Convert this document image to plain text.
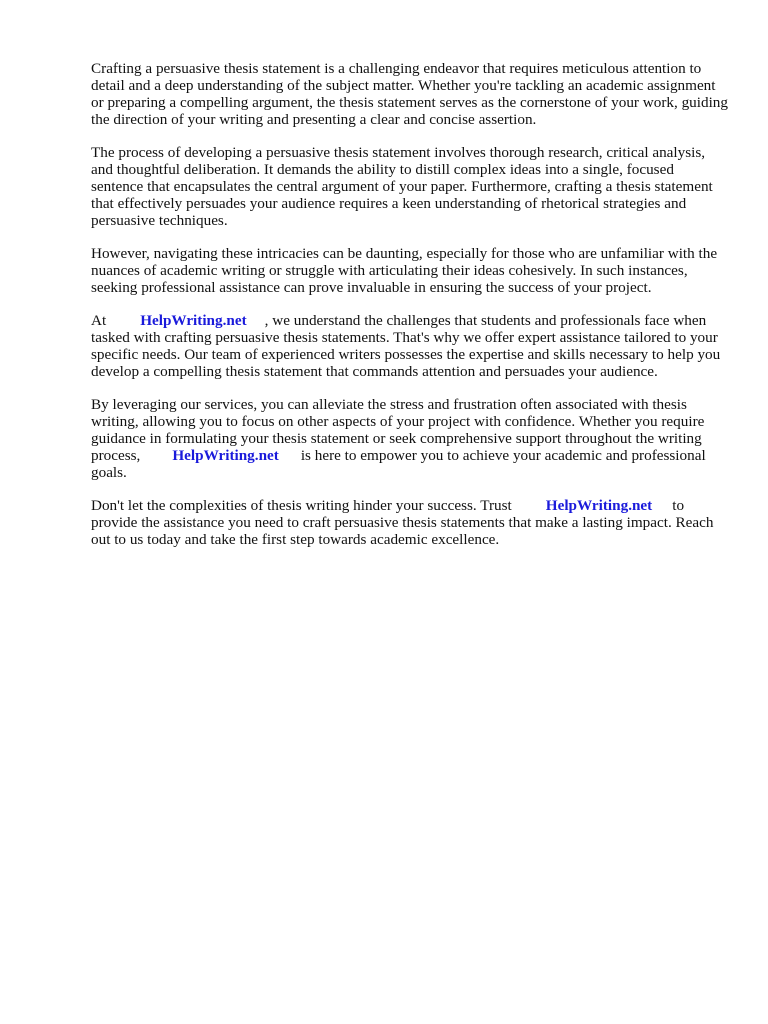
Crafting a persuasive thesis statement is a challenging endeavor that requires meticulous attention to detail and a deep understanding of the subject matter. Whether you're tackling an academic assignment or preparing a compelling argument, the thesis statement serves as the cornerstone of your work, guiding the direction of your writing and presenting a clear and concise assertion.

The process of developing a persuasive thesis statement involves thorough research, critical analysis, and thoughtful deliberation. It demands the ability to distill complex ideas into a single, focused sentence that encapsulates the central argument of your paper. Furthermore, crafting a thesis statement that effectively persuades your audience requires a keen understanding of rhetorical strategies and persuasive techniques.

However, navigating these intricacies can be daunting, especially for those who are unfamiliar with the nuances of academic writing or struggle with articulating their ideas cohesively. In such instances, seeking professional assistance can prove invaluable in ensuring the success of your project.

At HelpWriting.net , we understand the challenges that students and professionals face when tasked with crafting persuasive thesis statements. That's why we offer expert assistance tailored to your specific needs. Our team of experienced writers possesses the expertise and skills necessary to help you develop a compelling thesis statement that commands attention and persuades your audience.

By leveraging our services, you can alleviate the stress and frustration often associated with thesis writing, allowing you to focus on other aspects of your project with confidence. Whether you require guidance in formulating your thesis statement or seek comprehensive support throughout the writing process, HelpWriting.net is here to empower you to achieve your academic and professional goals.

Don't let the complexities of thesis writing hinder your success. Trust HelpWriting.net to provide the assistance you need to craft persuasive thesis statements that make a lasting impact. Reach out to us today and take the first step towards academic excellence.
